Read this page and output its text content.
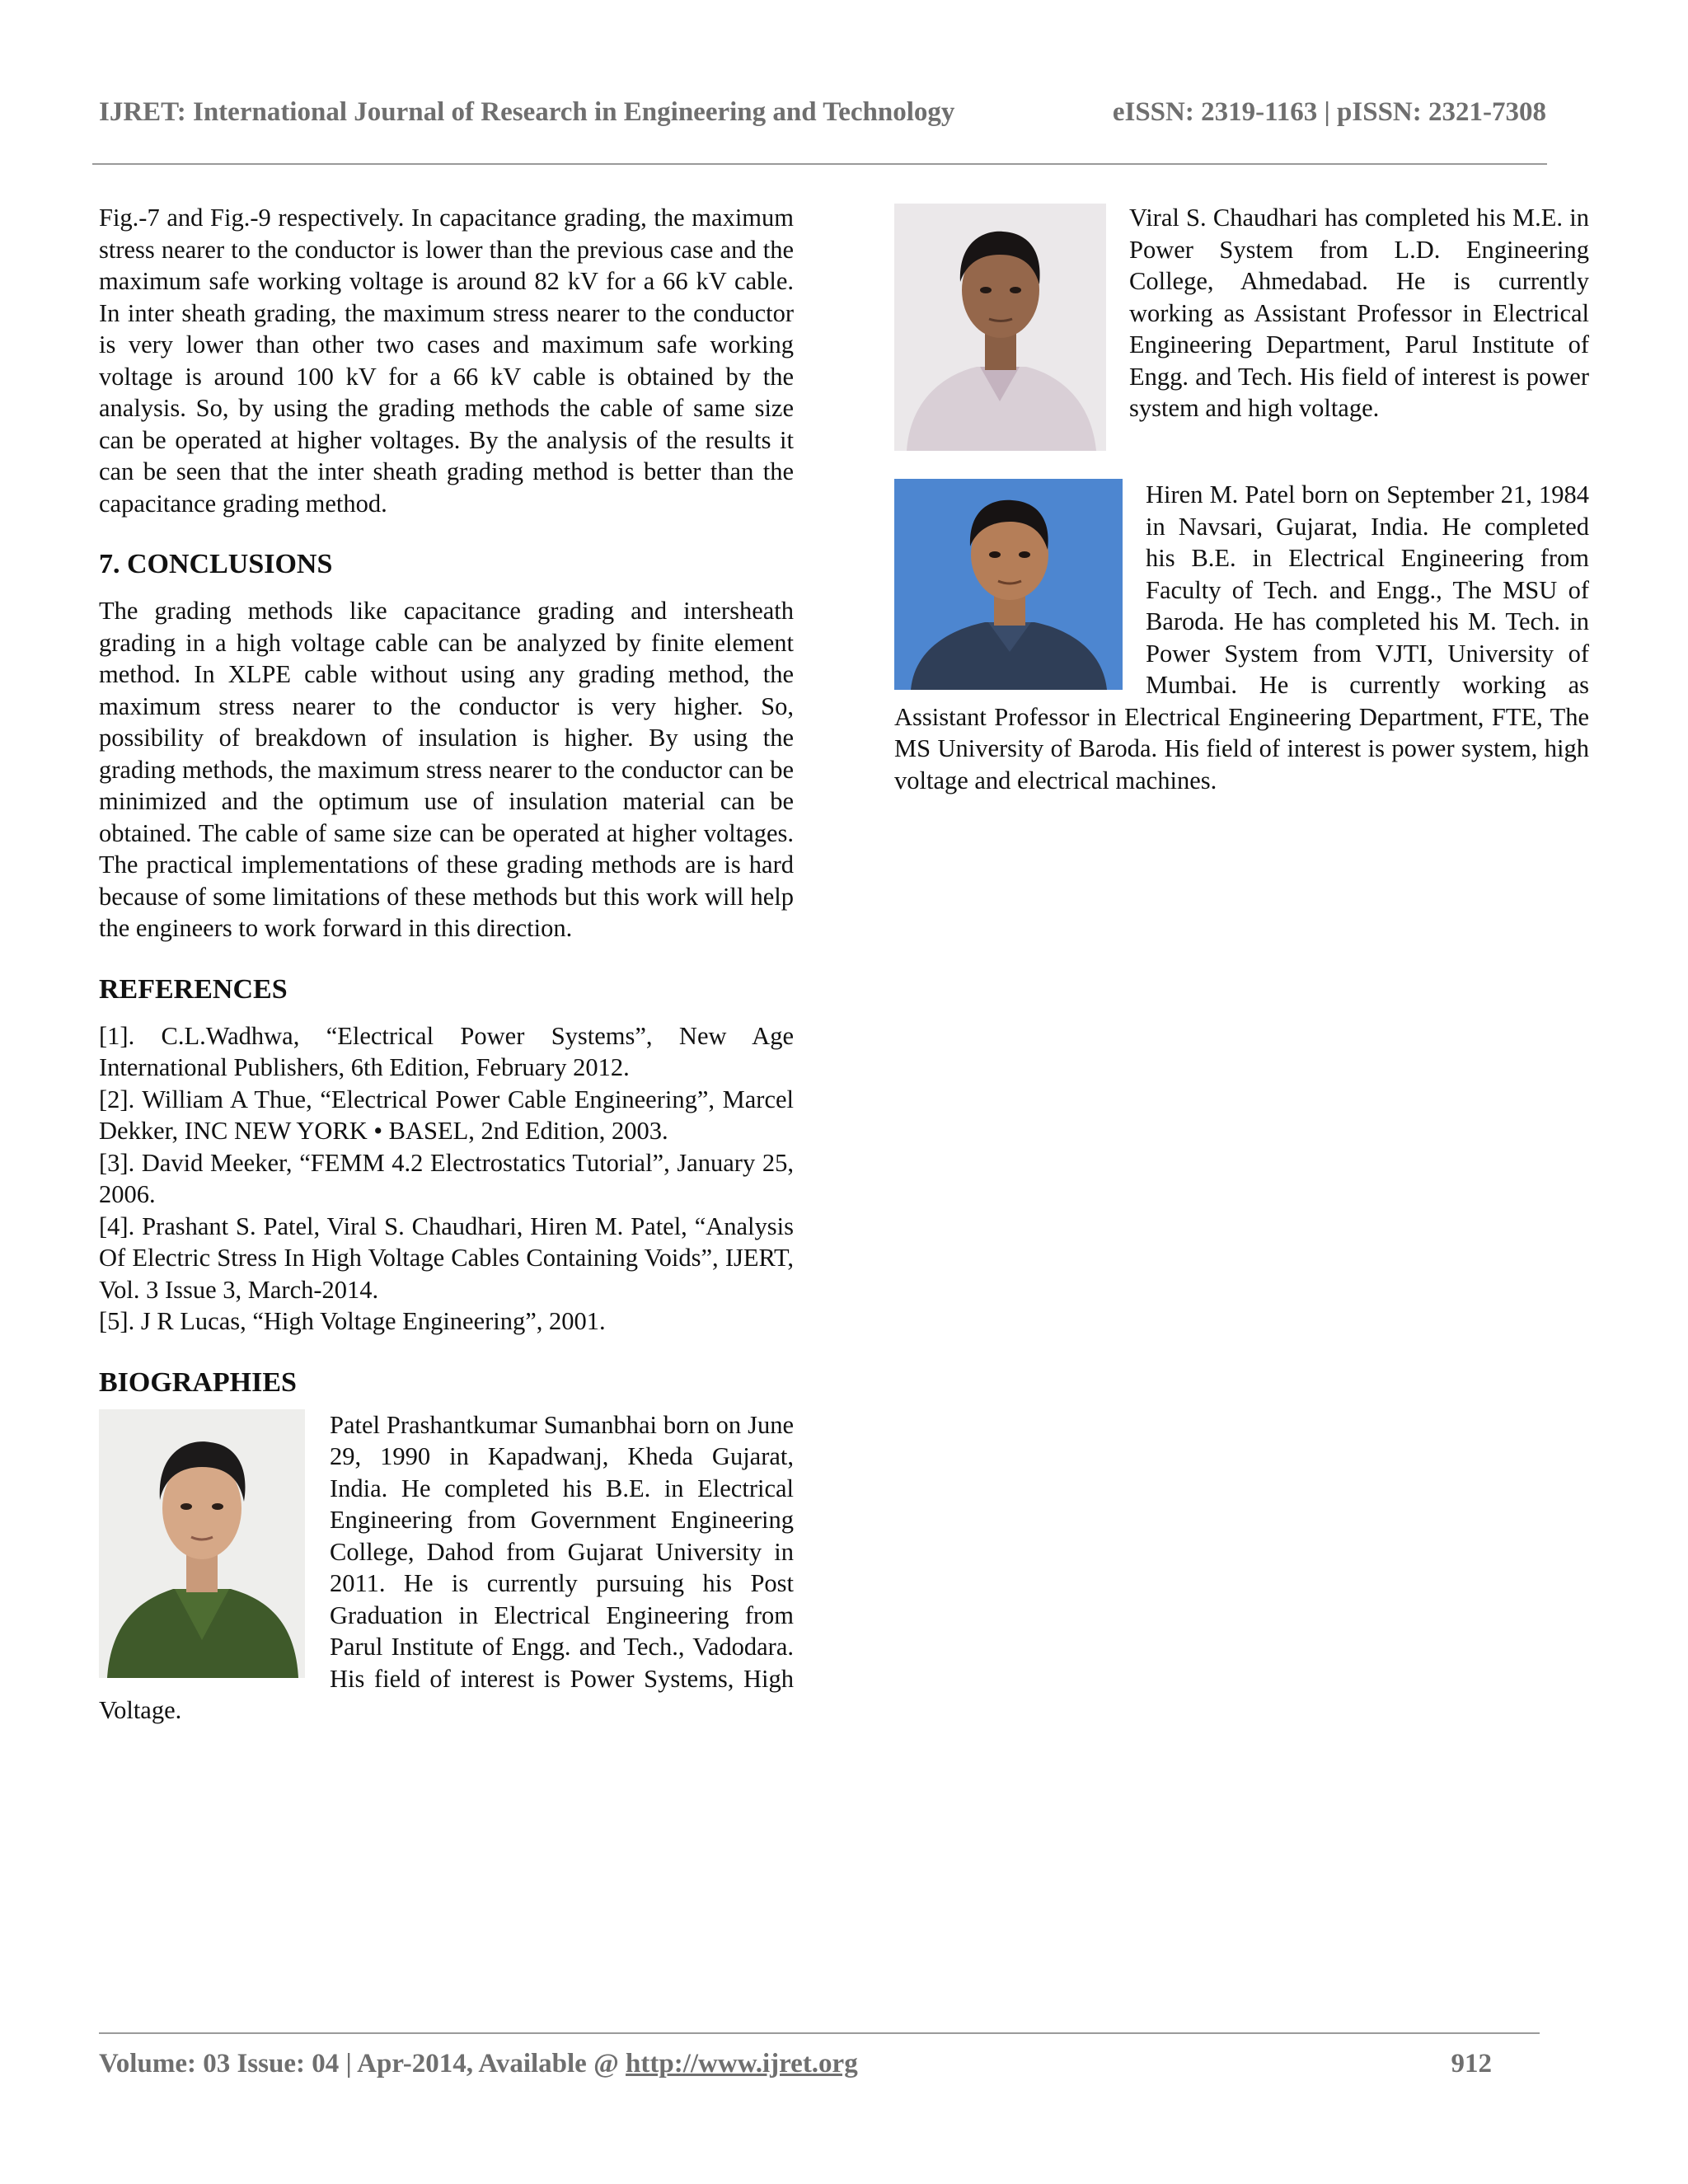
IJRET: International Journal of Research in Engineering and Technology	eISSN: 2319-1163 | pISSN: 2321-7308

Fig.-7 and Fig.-9 respectively. In capacitance grading, the maximum stress nearer to the conductor is lower than the previous case and the maximum safe working voltage is around 82 kV for a 66 kV cable. In inter sheath grading, the maximum stress nearer to the conductor is very lower than other two cases and maximum safe working voltage is around 100 kV for a 66 kV cable is obtained by the analysis. So, by using the grading methods the cable of same size can be operated at higher voltages. By the analysis of the results it can be seen that the inter sheath grading method is better than the capacitance grading method.

7. CONCLUSIONS

The grading methods like capacitance grading and intersheath grading in a high voltage cable can be analyzed by finite element method. In XLPE cable without using any grading method, the maximum stress nearer to the conductor is very higher. So, possibility of breakdown of insulation is higher. By using the grading methods, the maximum stress nearer to the conductor can be minimized and the optimum use of insulation material can be obtained. The cable of same size can be operated at higher voltages. The practical implementations of these grading methods are is hard because of some limitations of these methods but this work will help the engineers to work forward in this direction.

REFERENCES

[1]. C.L.Wadhwa, “Electrical Power Systems”, New Age International Publishers, 6th Edition, February 2012.

[2]. William A Thue, “Electrical Power Cable Engineering”, Marcel Dekker, INC NEW YORK • BASEL, 2nd Edition, 2003.

[3]. David Meeker, “FEMM 4.2 Electrostatics Tutorial”, January 25, 2006.

[4]. Prashant S. Patel, Viral S. Chaudhari, Hiren M. Patel, “Analysis Of Electric Stress In High Voltage Cables Containing Voids”, IJERT, Vol. 3 Issue 3, March-2014.

[5]. J R Lucas, “High Voltage Engineering”, 2001.

BIOGRAPHIES

Patel Prashantkumar Sumanbhai born on June 29, 1990 in Kapadwanj, Kheda Gujarat, India. He completed his B.E. in Electrical Engineering from Government Engineering College, Dahod from Gujarat University in 2011. He is currently pursuing his Post Graduation in Electrical Engineering from Parul Institute of Engg. and Tech., Vadodara. His field of interest is Power Systems, High Voltage.

Viral S. Chaudhari has completed his M.E. in Power System from L.D. Engineering College, Ahmedabad. He is currently working as Assistant Professor in Electrical Engineering Department, Parul Institute of Engg. and Tech. His field of interest is power system and high voltage.

Hiren M. Patel born on September 21, 1984 in Navsari, Gujarat, India. He completed his B.E. in Electrical Engineering from Faculty of Tech. and Engg., The MSU of Baroda. He has completed his M. Tech. in Power System from VJTI, University of Mumbai. He is currently working as Assistant Professor in Electrical Engineering Department, FTE, The MS University of Baroda. His field of interest is power system, high voltage and electrical machines.

Volume: 03 Issue: 04 | Apr-2014, Available @ http://www.ijret.org	912
